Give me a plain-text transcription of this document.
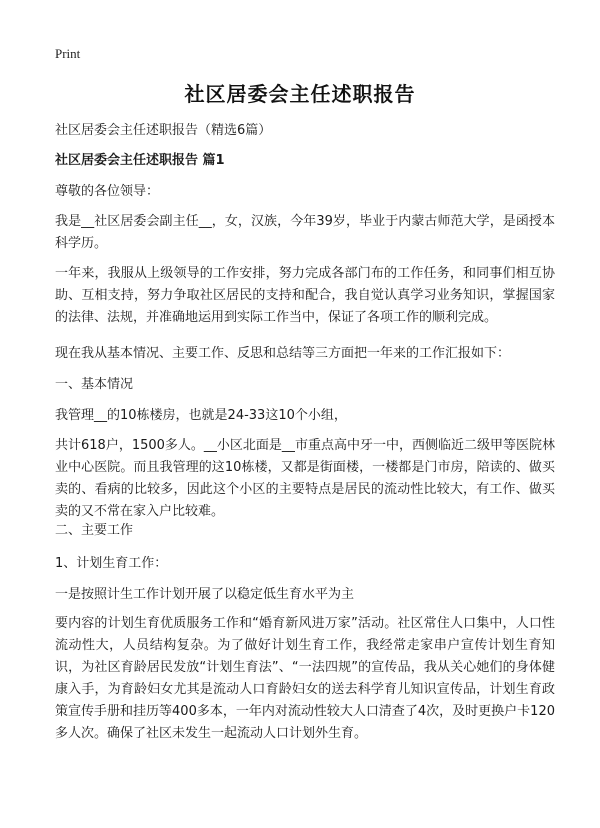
Print
社区居委会主任述职报告

社区居委会主任述职报告（精选6篇）

社区居委会主任述职报告 篇1

尊敬的各位领导：

我是__社区居委会副主任__，女，汉族，今年39岁，毕业于内蒙古师范大学，是函授本科学历。

一年来，我服从上级领导的工作安排，努力完成各部门布的工作任务，和同事们相互协助、互相支持，努力争取社区居民的支持和配合，我自觉认真学习业务知识，掌握国家的法律、法规，并准确地运用到实际工作当中，保证了各项工作的顺利完成。

现在我从基本情况、主要工作、反思和总结等三方面把一年来的工作汇报如下：

一、基本情况

我管理__的10栋楼房，也就是24-33这10个小组，

共计618户，1500多人。__小区北面是__市重点高中牙一中，西侧临近二级甲等医院林业中心医院。而且我管理的这10栋楼，又都是街面楼，一楼都是门市房，陪读的、做买卖的、看病的比较多，因此这个小区的主要特点是居民的流动性比较大，有工作、做买卖的又不常在家入户比较难。

二、主要工作

1、计划生育工作：

一是按照计生工作计划开展了以稳定低生育水平为主

要内容的计划生育优质服务工作和“婚育新风进万家”活动。社区常住人口集中，人口性流动性大，人员结构复杂。为了做好计划生育工作，我经常走家串户宣传计划生育知识，为社区育龄居民发放“计划生育法”、“一法四规”的宣传品，我从关心她们的身体健康入手，为育龄妇女尤其是流动人口育龄妇女的送去科学育儿知识宣传品，计划生育政策宣传手册和挂历等400多本，一年内对流动性较大人口清查了4次，及时更换户卡120多人次。确保了社区未发生一起流动人口计划外生育。
